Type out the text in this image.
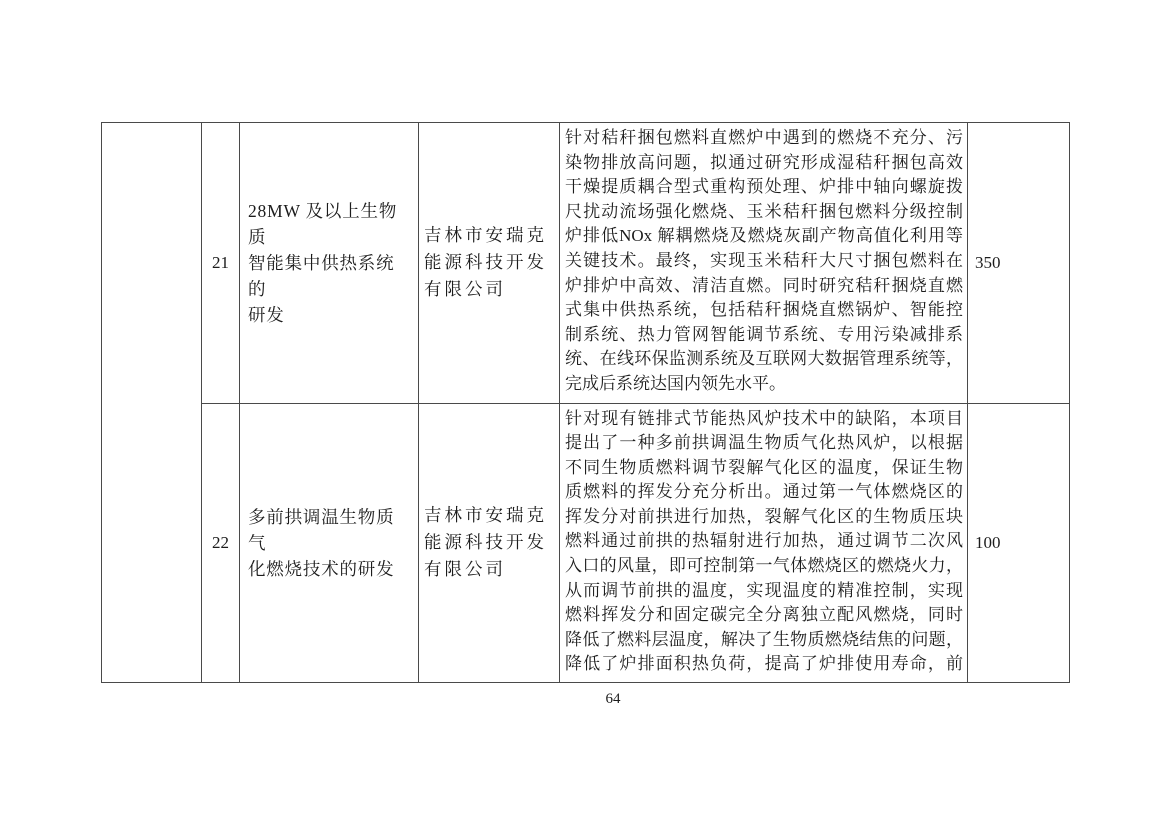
21
28MW 及以上生物质
智能集中供热系统的
研发
吉林市安瑞克
能源科技开发
有限公司
针对秸秆捆包燃料直燃炉中遇到的燃烧不充分、污
染物排放高问题，拟通过研究形成湿秸秆捆包高效
干燥提质耦合型式重构预处理、炉排中轴向螺旋拨
尺扰动流场强化燃烧、玉米秸秆捆包燃料分级控制
炉排低NOx 解耦燃烧及燃烧灰副产物高值化利用等
关键技术。最终，实现玉米秸秆大尺寸捆包燃料在
炉排炉中高效、清洁直燃。同时研究秸秆捆烧直燃
式集中供热系统，包括秸秆捆烧直燃锅炉、智能控
制系统、热力管网智能调节系统、专用污染减排系
统、在线环保监测系统及互联网大数据管理系统等，
完成后系统达国内领先水平。
350
22
多前拱调温生物质气
化燃烧技术的研发
吉林市安瑞克
能源科技开发
有限公司
针对现有链排式节能热风炉技术中的缺陷，本项目
提出了一种多前拱调温生物质气化热风炉，以根据
不同生物质燃料调节裂解气化区的温度，保证生物
质燃料的挥发分充分析出。通过第一气体燃烧区的
挥发分对前拱进行加热，裂解气化区的生物质压块
燃料通过前拱的热辐射进行加热，通过调节二次风
入口的风量，即可控制第一气体燃烧区的燃烧火力，
从而调节前拱的温度，实现温度的精准控制，实现
燃料挥发分和固定碳完全分离独立配风燃烧，同时
降低了燃料层温度，解决了生物质燃烧结焦的问题，
降低了炉排面积热负荷，提高了炉排使用寿命，前
100
64
